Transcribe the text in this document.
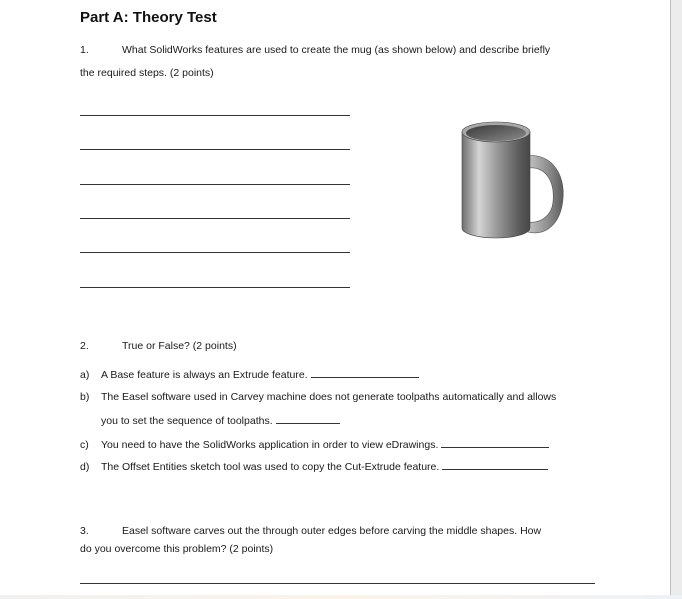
Part A: Theory Test
1.	What SolidWorks features are used to create the mug (as shown below) and describe briefly
the required steps. (2 points)
2.	True or False? (2 points)
a) A Base feature is always an Extrude feature.
b) The Easel software used in Carvey machine does not generate toolpaths automatically and allows
you to set the sequence of toolpaths.
c) You need to have the SolidWorks application in order to view eDrawings.
d) The Offset Entities sketch tool was used to copy the Cut-Extrude feature.
3.	Easel software carves out the through outer edges before carving the middle shapes. How
do you overcome this problem? (2 points)
